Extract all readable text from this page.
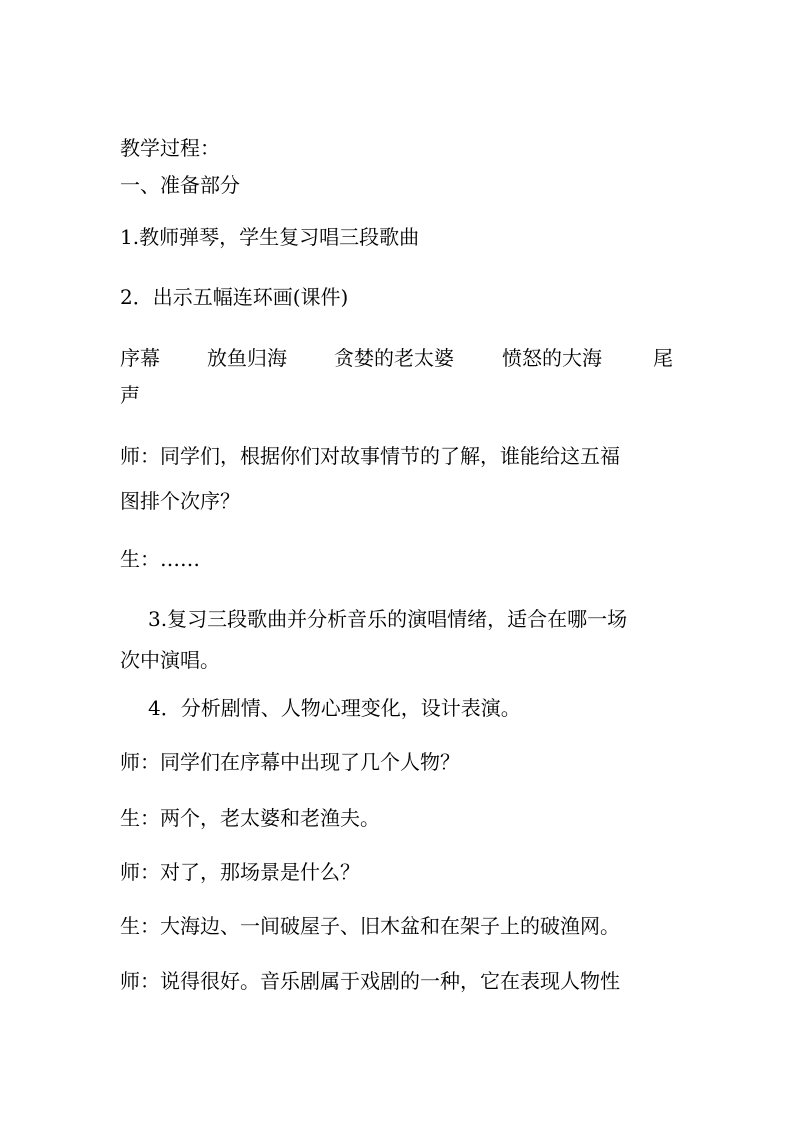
教学过程：
一、准备部分
1.教师弹琴，学生复习唱三段歌曲
2．出示五幅连环画(课件)
序幕 放鱼归海 贪婪的老太婆 愤怒的大海	尾
声
师：同学们，根据你们对故事情节的了解，谁能给这五福
图排个次序？
生：……
3.复习三段歌曲并分析音乐的演唱情绪，适合在哪一场
次中演唱。
4．分析剧情、人物心理变化，设计表演。
师：同学们在序幕中出现了几个人物？
生：两个，老太婆和老渔夫。
师：对了，那场景是什么？
生：大海边、一间破屋子、旧木盆和在架子上的破渔网。
师：说得很好。音乐剧属于戏剧的一种，它在表现人物性
